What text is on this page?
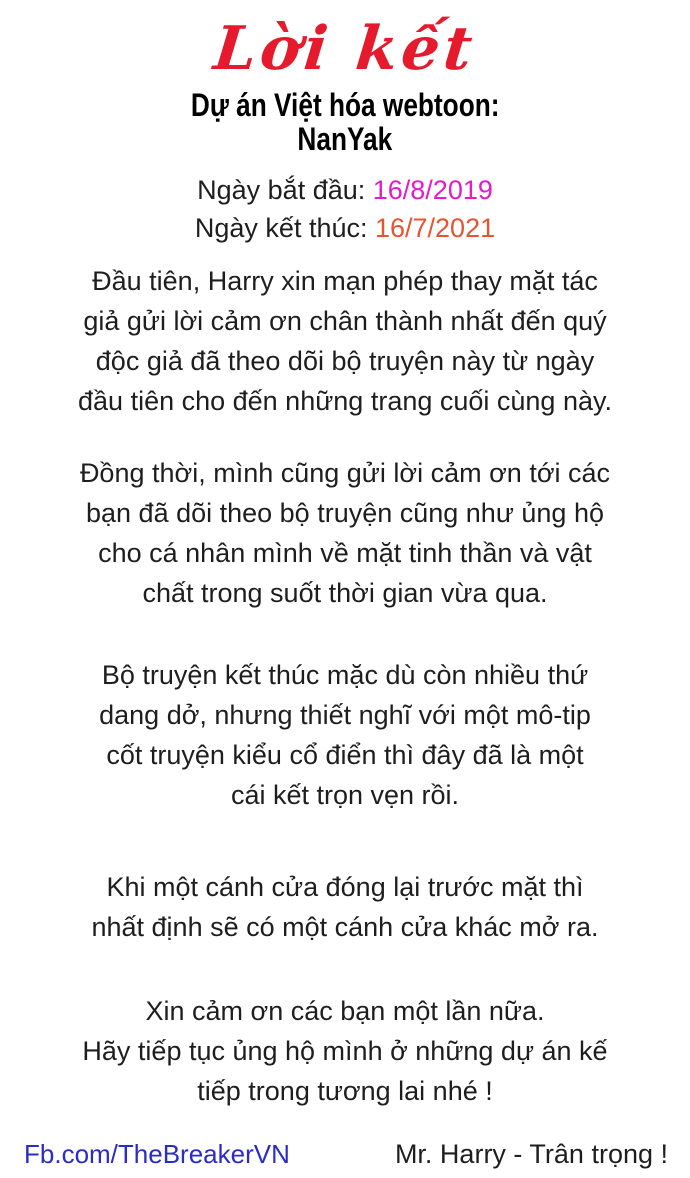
Lời kết
Dự án Việt hóa webtoon:
NanYak
Ngày bắt đầu: 16/8/2019
Ngày kết thúc: 16/7/2021
Đầu tiên, Harry xin mạn phép thay mặt tác
giả gửi lời cảm ơn chân thành nhất đến quý
độc giả đã theo dõi bộ truyện này từ ngày
đầu tiên cho đến những trang cuối cùng này.
Đồng thời, mình cũng gửi lời cảm ơn tới các
bạn đã dõi theo bộ truyện cũng như ủng hộ
cho cá nhân mình về mặt tinh thần và vật
chất trong suốt thời gian vừa qua.
Bộ truyện kết thúc mặc dù còn nhiều thứ
dang dở, nhưng thiết nghĩ với một mô-tip
cốt truyện kiểu cổ điển thì đây đã là một
cái kết trọn vẹn rồi.
Khi một cánh cửa đóng lại trước mặt thì
nhất định sẽ có một cánh cửa khác mở ra.
Xin cảm ơn các bạn một lần nữa.
Hãy tiếp tục ủng hộ mình ở những dự án kế
tiếp trong tương lai nhé !
Fb.com/TheBreakerVN	Mr. Harry - Trân trọng !
